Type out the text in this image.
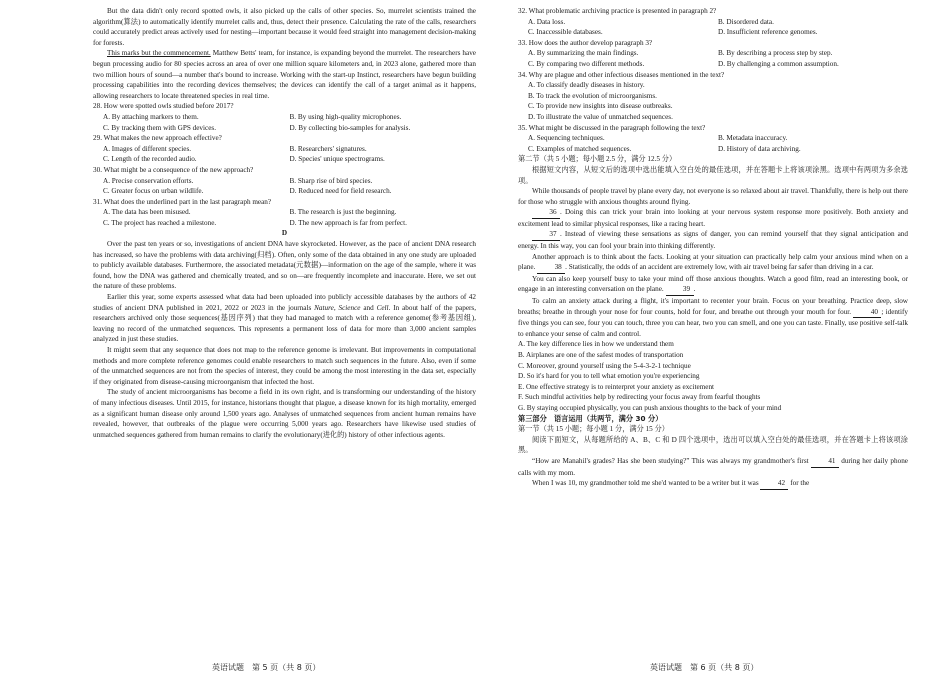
But the data didn't only record spotted owls, it also picked up the calls of other species. So, murrelet scientists trained the algorithm(算法) to automatically identify murrelet calls and, thus, detect their presence. Calculating the rate of the calls, researchers could accurately predict areas actively used for nesting—important because it would feed straight into management decision-making for forests.

This marks but the commencement. Matthew Betts' team, for instance, is expanding beyond the murrelet. The researchers have begun processing audio for 80 species across an area of over one million square kilometers and, in 2023 alone, gathered more than two million hours of sound—a number that's bound to increase. Working with the start-up Instinct, researchers have begun building processing capabilities into the recording devices themselves; the devices can identify the call of a target animal as it happens, allowing researchers to locate threatened species in real time.

28. How were spotted owls studied before 2017?

A. By attaching markers to them.	B. By using high-quality microphones.
C. By tracking them with GPS devices.	D. By collecting bio-samples for analysis.

29. What makes the new approach effective?

A. Images of different species.	B. Researchers' signatures.
C. Length of the recorded audio.	D. Species' unique spectrograms.

30. What might be a consequence of the new approach?

A. Precise conservation efforts.	B. Sharp rise of bird species.
C. Greater focus on urban wildlife.	D. Reduced need for field research.

31. What does the underlined part in the last paragraph mean?

A. The data has been misused.	B. The research is just the beginning.
C. The project has reached a milestone.	D. The new approach is far from perfect.

D

Over the past ten years or so, investigations of ancient DNA have skyrocketed. However, as the pace of ancient DNA research has increased, so have the problems with data archiving(归档). Often, only some of the data obtained in any one study are uploaded to publicly available databases. Furthermore, the associated metadata(元数据)—information on the age of the sample, where it was found, how the DNA was gathered and chemically treated, and so on—are frequently incomplete and inaccurate. Here, we set out the nature of these problems.

Earlier this year, some experts assessed what data had been uploaded into publicly accessible databases by the authors of 42 studies of ancient DNA published in 2021, 2022 or 2023 in the journals Nature, Science and Cell. In about half of the papers, researchers archived only those sequences(基因序列) that they had managed to match with a reference genome(参考基因组), leaving no record of the unmatched sequences. This represents a permanent loss of data for more than 3,000 ancient samples analyzed in just these studies.

It might seem that any sequence that does not map to the reference genome is irrelevant. But improvements in computational methods and more complete reference genomes could enable researchers to match such sequences in the future. Also, even if some of the unmatched sequences are not from the species of interest, they could be among the most interesting in the data set, especially if they originated from disease-causing microorganism that infected the host.

The study of ancient microorganisms has become a field in its own right, and is transforming our understanding of the history of many infectious diseases. Until 2015, for instance, historians thought that plague, a disease known for its high mortality, emerged as a significant human disease only around 1,500 years ago. Analyses of unmatched sequences from ancient human remains have revealed, however, that outbreaks of the plague were occurring 5,000 years ago. Researchers have likewise used studies of unmatched sequences gathered from human remains to clarify the evolutionary(进化的) history of other infectious agents.

英语试题　第 5 页（共 8 页）

32. What problematic archiving practice is presented in paragraph 2?

A. Data loss.	B. Disordered data.
C. Inaccessible databases.	D. Insufficient reference genomes.

33. How does the author develop paragraph 3?

A. By summarizing the main findings.	B. By describing a process step by step.
C. By comparing two different methods.	D. By challenging a common assumption.

34. Why are plague and other infectious diseases mentioned in the text?

A. To classify deadly diseases in history.
B. To track the evolution of microorganisms.
C. To provide new insights into disease outbreaks.
D. To illustrate the value of unmatched sequences.

35. What might be discussed in the paragraph following the text?

A. Sequencing techniques.	B. Metadata inaccuracy.
C. Examples of matched sequences.	D. History of data archiving.

第二节（共 5 小题；每小题 2.5 分，满分 12.5 分）

根据短文内容，从短文后的选项中选出能填入空白处的最佳选项，并在答题卡上将该项涂黑。选项中有两项为多余选项。

While thousands of people travel by plane every day, not everyone is so relaxed about air travel. Thankfully, there is help out there for those who struggle with anxious thoughts around flying.

36 . Doing this can trick your brain into looking at your nervous system response more positively. Both anxiety and excitement lead to similar physical responses, like a racing heart.

37 . Instead of viewing these sensations as signs of danger, you can remind yourself that they signal anticipation and energy. In this way, you can fool your brain into thinking differently.

Another approach is to think about the facts. Looking at your situation can practically help calm your anxious mind when on a plane.	38 . Statistically, the odds of an accident are extremely low, with air travel being far safer than driving in a car.

You can also keep yourself busy to take your mind off those anxious thoughts. Watch a good film, read an interesting book, or engage in an interesting conversation on the plane.	39 .

To calm an anxiety attack during a flight, it's important to recenter your brain. Focus on your breathing. Practice deep, slow breaths; breathe in through your nose for four counts, hold for four, and breathe out through your mouth for four.	40 ; identify five things you can see, four you can touch, three you can hear, two you can smell, and one you can taste. Finally, use positive self-talk to enhance your sense of calm and control.

A. The key difference lies in how we understand them
B. Airplanes are one of the safest modes of transportation
C. Moreover, ground yourself using the 5-4-3-2-1 technique
D. So it's hard for you to tell what emotion you're experiencing
E. One effective strategy is to reinterpret your anxiety as excitement
F. Such mindful activities help by redirecting your focus away from fearful thoughts
G. By staying occupied physically, you can push anxious thoughts to the back of your mind

第三部分　语言运用（共两节，满分 30 分）

第一节（共 15 小题；每小题 1 分，满分 15 分）

阅读下面短文，从每题所给的 A、B、C 和 D 四个选项中，选出可以填入空白处的最佳选项，并在答题卡上将该项涂黑。

“How are Manahil's grades? Has she been studying?” This was always my grandmother's first	41 during her daily phone calls with my mom.

When I was 10, my grandmother told me she'd wanted to be a writer but it was	42 for the

英语试题　第 6 页（共 8 页）
